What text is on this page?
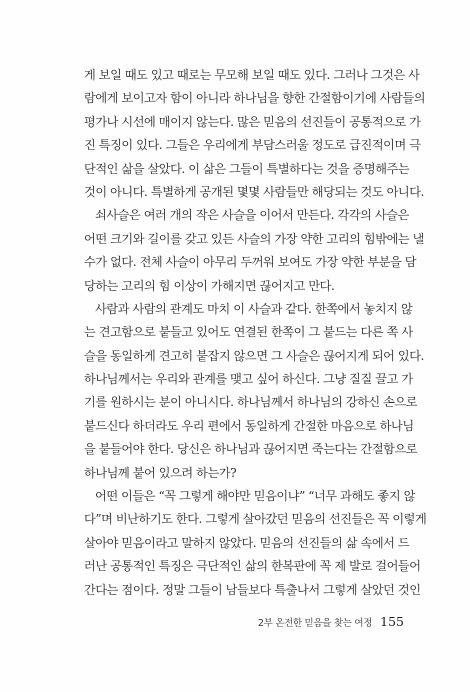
게 보일 때도 있고 때로는 무모해 보일 때도 있다. 그러나 그것은 사
람에게 보이고자 함이 아니라 하나님을 향한 간절함이기에 사람들의
평가나 시선에 매이지 않는다. 많은 믿음의 선진들이 공통적으로 가
진 특징이 있다. 그들은 우리에게 부담스러울 정도로 급진적이며 극
단적인 삶을 살았다. 이 삶은 그들이 특별하다는 것을 증명해주는
것이 아니다. 특별하게 공개된 몇몇 사람들만 해당되는 것도 아니다.
쇠사슬은 여러 개의 작은 사슬을 이어서 만든다. 각각의 사슬은
어떤 크기와 길이를 갖고 있든 사슬의 가장 약한 고리의 힘밖에는 낼
수가 없다. 전체 사슬이 아무리 두꺼워 보여도 가장 약한 부분을 담
당하는 고리의 힘 이상이 가해지면 끊어지고 만다.
사람과 사람의 관계도 마치 이 사슬과 같다. 한쪽에서 놓치지 않
는 견고함으로 붙들고 있어도 연결된 한쪽이 그 붙드는 다른 쪽 사
슬을 동일하게 견고히 붙잡지 않으면 그 사슬은 끊어지게 되어 있다.
하나님께서는 우리와 관계를 맺고 싶어 하신다. 그냥 질질 끌고 가
기를 원하시는 분이 아니시다. 하나님께서 하나님의 강하신 손으로
붙드신다 하더라도 우리 편에서 동일하게 간절한 마음으로 하나님
을 붙들어야 한다. 당신은 하나님과 끊어지면 죽는다는 간절함으로
하나님께 붙어 있으려 하는가?
어떤 이들은 “꼭 그렇게 해야만 믿음이냐” “너무 과해도 좋지 않
다”며 비난하기도 한다. 그렇게 살아갔던 믿음의 선진들은 꼭 이렇게
살아야 믿음이라고 말하지 않았다. 믿음의 선진들의 삶 속에서 드
러난 공통적인 특징은 극단적인 삶의 한복판에 꼭 제 발로 걸어들어
간다는 점이다. 정말 그들이 남들보다 특출나서 그렇게 살았던 것인
2부 온전한 믿음을 찾는 여정 155
